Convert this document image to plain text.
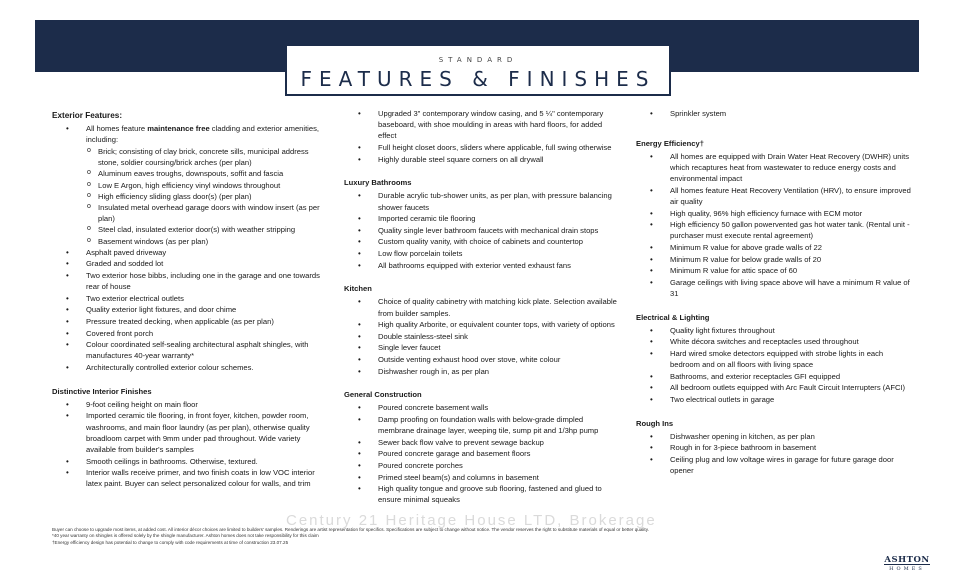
STANDARD
FEATURES & FINISHES
Exterior Features:
• All homes feature maintenance free cladding and exterior amenities, including:
o Brick; consisting of clay brick, concrete sills, municipal address stone, soldier coursing/brick arches (per plan)
o Aluminum eaves troughs, downspouts, soffit and fascia
o Low E Argon, high efficiency vinyl windows throughout
o High efficiency sliding glass door(s) (per plan)
o Insulated metal overhead garage doors with window insert (as per plan)
o Steel clad, insulated exterior door(s) with weather stripping
o Basement windows (as per plan)
• Asphalt paved driveway
• Graded and sodded lot
• Two exterior hose bibbs, including one in the garage and one towards rear of house
• Two exterior electrical outlets
• Quality exterior light fixtures, and door chime
• Pressure treated decking, when applicable (as per plan)
• Covered front porch
• Colour coordinated self-sealing architectural asphalt shingles, with manufactures 40-year warranty*
• Architecturally controlled exterior colour schemes.
Distinctive Interior Finishes
• 9-foot ceiling height on main floor
• Imported ceramic tile flooring, in front foyer, kitchen, powder room, washrooms, and main floor laundry (as per plan), otherwise quality broadloom carpet with 9mm under pad throughout. Wide variety available from builder's samples
• Smooth ceilings in bathrooms. Otherwise, textured.
• Interior walls receive primer, and two finish coats in low VOC interior latex paint. Buyer can select personalized colour for walls, and trim
• Upgraded 3" contemporary window casing, and 5 ¼" contemporary baseboard, with shoe moulding in areas with hard floors, for added effect
• Full height closet doors, sliders where applicable, full swing otherwise
• Highly durable steel square corners on all drywall
Luxury Bathrooms
• Durable acrylic tub-shower units, as per plan, with pressure balancing shower faucets
• Imported ceramic tile flooring
• Quality single lever bathroom faucets with mechanical drain stops
• Custom quality vanity, with choice of cabinets and countertop
• Low flow porcelain toilets
• All bathrooms equipped with exterior vented exhaust fans
Kitchen
• Choice of quality cabinetry with matching kick plate. Selection available from builder samples.
• High quality Arborite, or equivalent counter tops, with variety of options
• Double stainless-steel sink
• Single lever faucet
• Outside venting exhaust hood over stove, white colour
• Dishwasher rough in, as per plan
General Construction
• Poured concrete basement walls
• Damp proofing on foundation walls with below-grade dimpled membrane drainage layer, weeping tile, sump pit and 1/3hp pump
• Sewer back flow valve to prevent sewage backup
• Poured concrete garage and basement floors
• Poured concrete porches
• Primed steel beam(s) and columns in basement
• High quality tongue and groove sub flooring, fastened and glued to ensure minimal squeaks
• Sprinkler system
Energy Efficiency†
• All homes are equipped with Drain Water Heat Recovery (DWHR) units which recaptures heat from wastewater to reduce energy costs and environmental impact
• All homes feature Heat Recovery Ventilation (HRV), to ensure improved air quality
• High quality, 96% high efficiency furnace with ECM motor
• High efficiency 50 gallon powervented gas hot water tank. (Rental unit - purchaser must execute rental agreement)
• Minimum R value for above grade walls of 22
• Minimum R value for below grade walls of 20
• Minimum R value for attic space of 60
• Garage ceilings with living space above will have a minimum R value of 31
Electrical & Lighting
• Quality light fixtures throughout
• White décora switches and receptacles used throughout
• Hard wired smoke detectors equipped with strobe lights in each bedroom and on all floors with living space
• Bathrooms, and exterior receptacles GFI equipped
• All bedroom outlets equipped with Arc Fault Circuit Interrupters (AFCI)
• Two electrical outlets in garage
Rough Ins
• Dishwasher opening in kitchen, as per plan
• Rough in for 3-piece bathroom in basement
• Ceiling plug and low voltage wires in garage for future garage door opener
Century 21 Heritage House LTD, Brokerage
Buyer can choose to upgrade most items, at added cost. All interior décor choices are limited to builders' samples. Renderings are artist representation for specifics. Specifications are subject to change without notice. The vendor reserves the right to substitute materials of equal or better quality.
*40 year warranty on shingles is offered solely by the shingle manufacturer. Ashton homes does not take responsibility for this claim
†Energy efficiency design has potential to change to comply with code requirements at time of construction 23.07.25
ASHTON
HOMES
